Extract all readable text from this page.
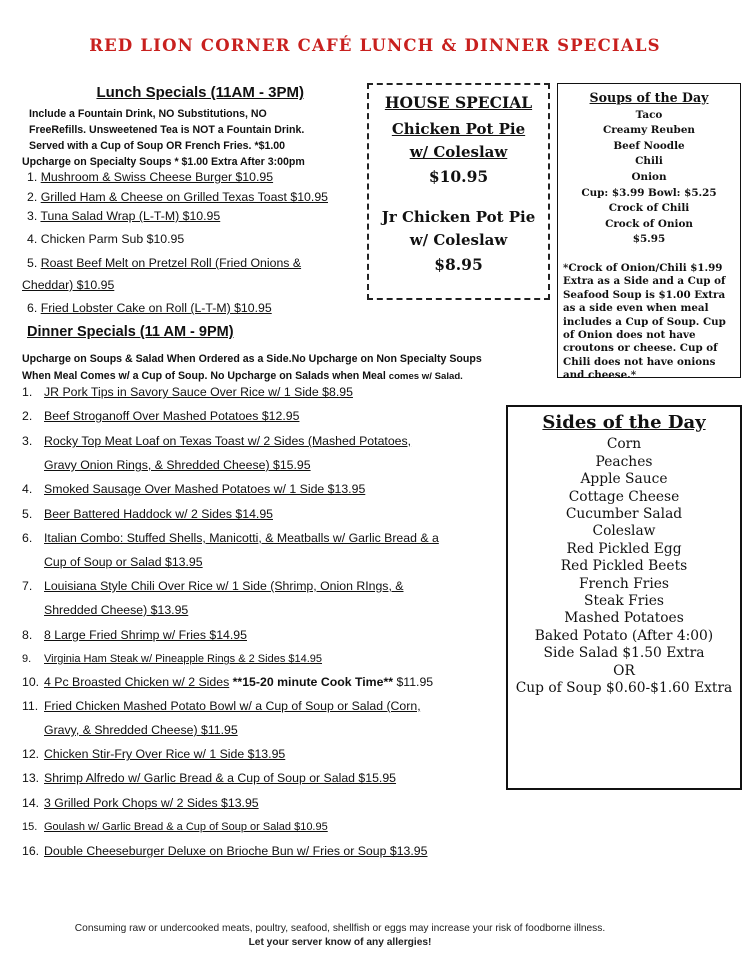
RED LION CORNER CAFÉ LUNCH & DINNER SPECIALS
Lunch Specials (11AM - 3PM)
Include a Fountain Drink, NO Substitutions, NO
FreeRefills. Unsweetened Tea is NOT a Fountain Drink.
Served with a Cup of Soup OR French Fries. *$1.00
Upcharge on Specialty Soups * $1.00 Extra After 3:00pm
1. Mushroom & Swiss Cheese Burger $10.95
2. Grilled Ham & Cheese on Grilled Texas Toast $10.95
3. Tuna Salad Wrap (L-T-M) $10.95
4. Chicken Parm Sub $10.95
5. Roast Beef Melt on Pretzel Roll (Fried Onions &
Cheddar) $10.95
6. Fried Lobster Cake on Roll (L-T-M) $10.95
HOUSE SPECIAL
Chicken Pot Pie
w/ Coleslaw
$10.95
Jr Chicken Pot Pie
w/ Coleslaw
$8.95
Soups of the Day
Taco
Creamy Reuben
Beef Noodle
Chili
Onion
Cup: $3.99 Bowl: $5.25
Crock of Chili
Crock of Onion
$5.95
*Crock of Onion/Chili $1.99 Extra as a Side and a Cup of Seafood Soup is $1.00 Extra as a side even when meal includes a Cup of Soup. Cup of Onion does not have croutons or cheese. Cup of Chili does not have onions and cheese.*
Dinner Specials (11 AM - 9PM)
Upcharge on Soups & Salad When Ordered as a Side.No Upcharge on Non Specialty Soups
When Meal Comes w/ a Cup of Soup. No Upcharge on Salads when Meal comes w/ Salad.
1. JR Pork Tips in Savory Sauce Over Rice w/ 1 Side $8.95
2. Beef Stroganoff Over Mashed Potatoes $12.95
3. Rocky Top Meat Loaf on Texas Toast w/ 2 Sides (Mashed Potatoes,
Gravy Onion Rings, & Shredded Cheese) $15.95
4. Smoked Sausage Over Mashed Potatoes w/ 1 Side $13.95
5. Beer Battered Haddock w/ 2 Sides $14.95
6. Italian Combo: Stuffed Shells, Manicotti, & Meatballs w/ Garlic Bread & a
Cup of Soup or Salad $13.95
7. Louisiana Style Chili Over Rice w/ 1 Side (Shrimp, Onion RIngs, &
Shredded Cheese) $13.95
8. 8 Large Fried Shrimp w/ Fries $14.95
9. Virginia Ham Steak w/ Pineapple Rings & 2 Sides $14.95
10. 4 Pc Broasted Chicken w/ 2 Sides **15-20 minute Cook Time** $11.95
11. Fried Chicken Mashed Potato Bowl w/ a Cup of Soup or Salad (Corn,
Gravy, & Shredded Cheese) $11.95
12. Chicken Stir-Fry Over Rice w/ 1 Side $13.95
13. Shrimp Alfredo w/ Garlic Bread & a Cup of Soup or Salad $15.95
14. 3 Grilled Pork Chops w/ 2 Sides $13.95
15. Goulash w/ Garlic Bread & a Cup of Soup or Salad $10.95
16. Double Cheeseburger Deluxe on Brioche Bun w/ Fries or Soup $13.95
Sides of the Day
Corn
Peaches
Apple Sauce
Cottage Cheese
Cucumber Salad
Coleslaw
Red Pickled Egg
Red Pickled Beets
French Fries
Steak Fries
Mashed Potatoes
Baked Potato (After 4:00)
Side Salad $1.50 Extra
OR
Cup of Soup $0.60-$1.60 Extra
Consuming raw or undercooked meats, poultry, seafood, shellfish or eggs may increase your risk of foodborne illness.
Let your server know of any allergies!
